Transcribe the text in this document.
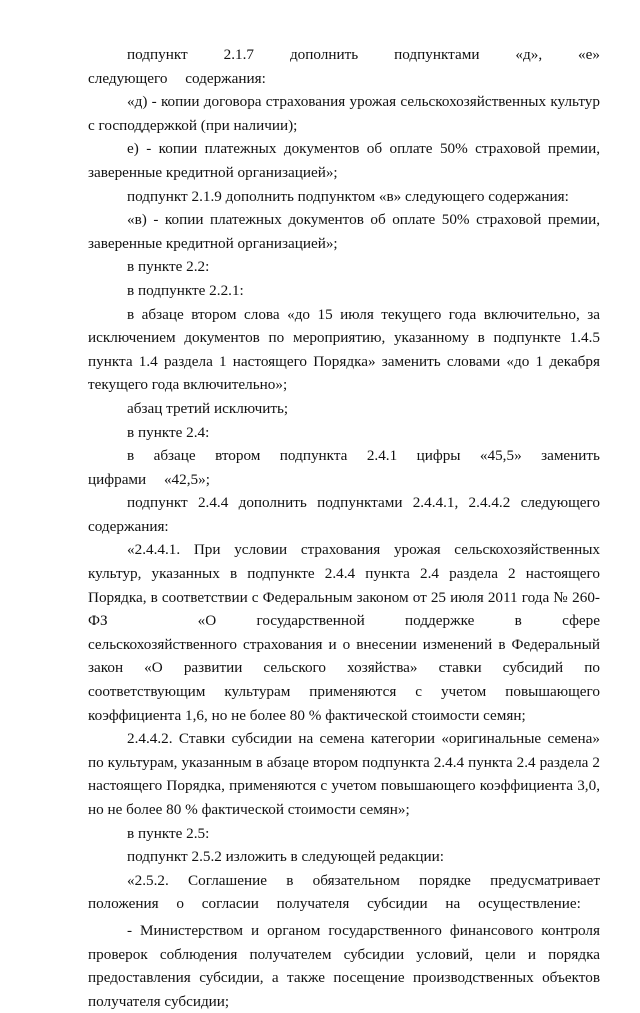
подпункт 2.1.7 дополнить подпунктами «д», «е» следующего содержания:

«д) - копии договора страхования урожая сельскохозяйственных культур с господдержкой (при наличии);

е) - копии платежных документов об оплате 50% страховой премии, заверенные кредитной организацией»;

подпункт 2.1.9 дополнить подпунктом «в» следующего содержания:

«в) - копии платежных документов об оплате 50% страховой премии, заверенные кредитной организацией»;

в пункте 2.2:

в подпункте 2.2.1:

в абзаце втором слова «до 15 июля текущего года включительно, за исключением документов по мероприятию, указанному в подпункте 1.4.5 пункта 1.4 раздела 1 настоящего Порядка» заменить словами «до 1 декабря текущего года включительно»;

абзац третий исключить;

в пункте 2.4:

в абзаце втором подпункта 2.4.1 цифры «45,5» заменить цифрами «42,5»;

подпункт 2.4.4 дополнить подпунктами 2.4.4.1, 2.4.4.2 следующего содержания:

«2.4.4.1. При условии страхования урожая сельскохозяйственных культур, указанных в подпункте 2.4.4 пункта 2.4 раздела 2 настоящего Порядка, в соответствии с Федеральным законом от 25 июля 2011 года № 260-ФЗ	«О государственной поддержке в сфере сельскохозяйственного страхования и о внесении изменений в Федеральный закон «О развитии сельского хозяйства» ставки субсидий по соответствующим культурам применяются с учетом повышающего коэффициента 1,6, но не более 80 % фактической стоимости семян;

2.4.4.2. Ставки субсидии на семена категории «оригинальные семена» по культурам, указанным в абзаце втором подпункта 2.4.4 пункта 2.4 раздела 2 настоящего Порядка, применяются с учетом повышающего коэффициента 3,0, но не более 80 % фактической стоимости семян»;

в пункте 2.5:

подпункт 2.5.2 изложить в следующей редакции:

«2.5.2. Соглашение в обязательном порядке предусматривает положения о согласии получателя субсидии на осуществление:

- Министерством и органом государственного финансового контроля проверок соблюдения получателем субсидии условий, цели и порядка предоставления субсидии, а также посещение производственных объектов получателя субсидии;
